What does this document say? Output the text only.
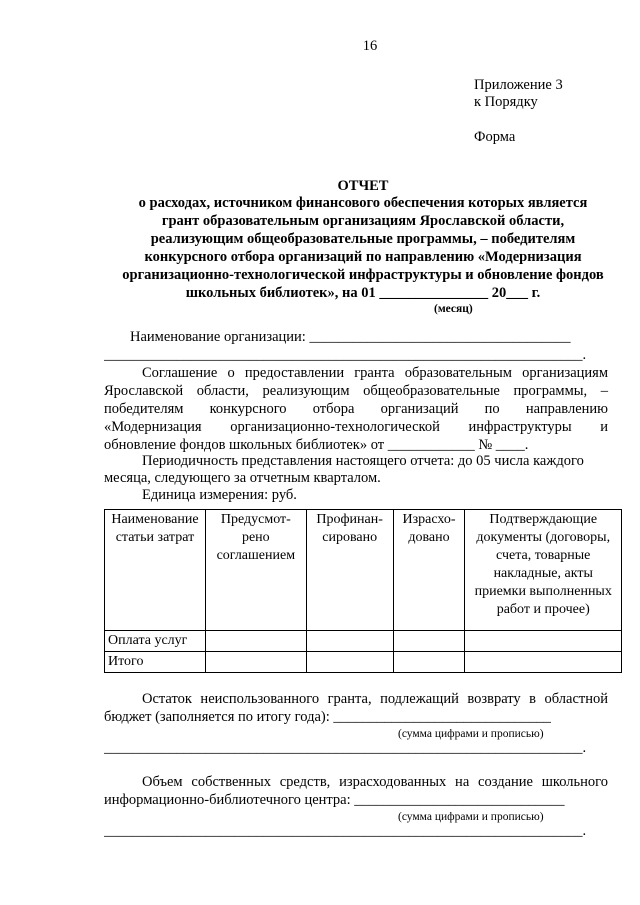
16
Приложение 3
к Порядку
Форма
ОТЧЕТ
о расходах, источником финансового обеспечения которых является
грант образовательным организациям Ярославской области,
реализующим общеобразовательные программы, – победителям
конкурсного отбора организаций по направлению «Модернизация
организационно-технологической инфраструктуры и обновление фондов
школьных библиотек», на 01 _______________ 20___ г.
(месяц)
Наименование организации: ____________________________________
__________________________________________________________________.
Соглашение о предоставлении гранта образовательным организациям
Ярославской области, реализующим общеобразовательные программы, –
победителям конкурсного отбора организаций по направлению
«Модернизация организационно-технологической инфраструктуры и
обновление фондов школьных библиотек» от ____________ № ____.
Периодичность представления настоящего отчета: до 05 числа каждого
месяца, следующего за отчетным кварталом.
Единица измерения: руб.
Наименование статьи затрат	Предусмот-рено соглашением	Профинан-сировано	Израсхо-довано	Подтверждающие документы (договоры, счета, товарные накладные, акты приемки выполненных работ и прочее)
Оплата услуг				
Итого				
Остаток неиспользованного гранта, подлежащий возврату в областной
бюджет (заполняется по итогу года): ______________________________
(сумма цифрами и прописью)
__________________________________________________________________.
Объем собственных средств, израсходованных на создание школьного
информационно-библиотечного центра: _____________________________
(сумма цифрами и прописью)
__________________________________________________________________.
